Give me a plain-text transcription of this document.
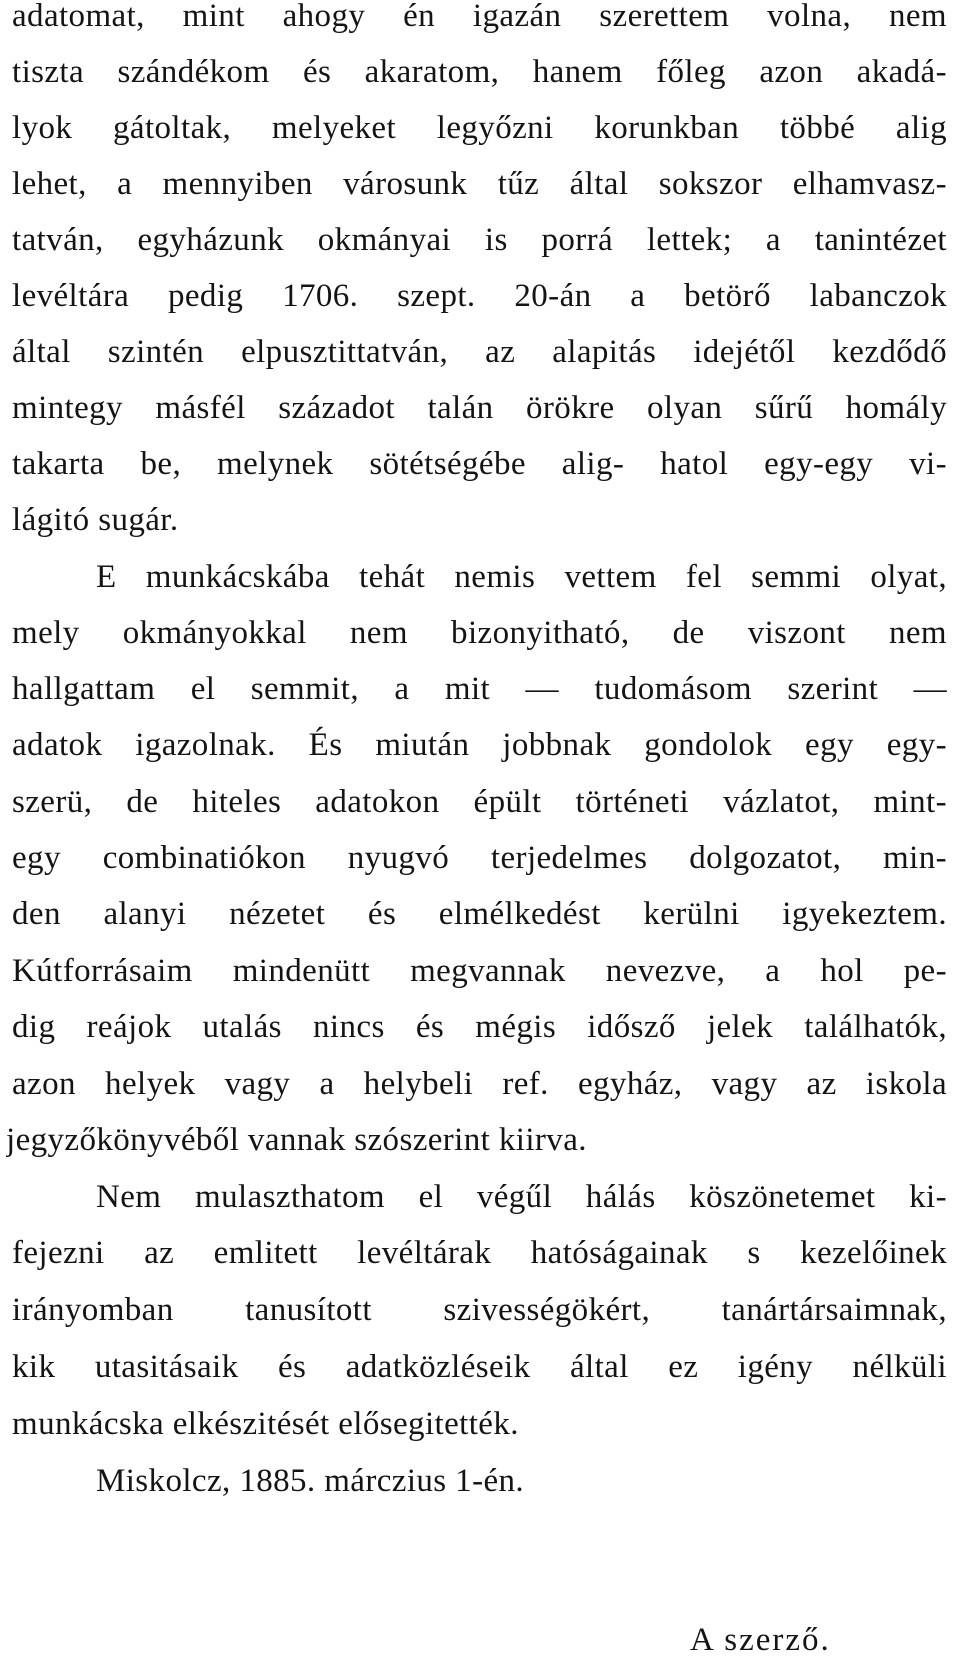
adatomat, mint ahogy én igazán szerettem volna, nem
tiszta szándékom és akaratom, hanem főleg azon akadá-
lyok gátoltak, melyeket legyőzni korunkban többé alig
lehet, a mennyiben városunk tűz által sokszor elhamvasz-
tatván, egyházunk okmányai is porrá lettek; a tanintézet
levéltára pedig 1706. szept. 20-án a betörő labanczok
által szintén elpusztittatván, az alapitás idejétől kezdődő
mintegy másfél századot talán örökre olyan sűrű homály
takarta be, melynek sötétségébe alig- hatol egy-egy vi-
lágitó sugár.
E munkácskába tehát nemis vettem fel semmi olyat,
mely okmányokkal nem bizonyitható, de viszont nem
hallgattam el semmit, a mit — tudomásom szerint —
adatok igazolnak. És miután jobbnak gondolok egy egy-
szerü, de hiteles adatokon épült történeti vázlatot, mint-
egy combinatiókon nyugvó terjedelmes dolgozatot, min-
den alanyi nézetet és elmélkedést kerülni igyekeztem.
Kútforrásaim mindenütt megvannak nevezve, a hol pe-
dig reájok utalás nincs és mégis idősző jelek találhatók,
azon helyek vagy a helybeli ref. egyház, vagy az iskola
jegyzőkönyvéből vannak szószerint kiirva.
Nem mulaszthatom el végűl hálás köszönetemet ki-
fejezni az emlitett levéltárak hatóságainak s kezelőinek
irányomban tanusított szivességökért, tanártársaimnak,
kik utasitásaik és adatközléseik által ez igény nélküli
munkácska elkészitését elősegitették.
Miskolcz, 1885. márczius 1-én.
A szerző.
